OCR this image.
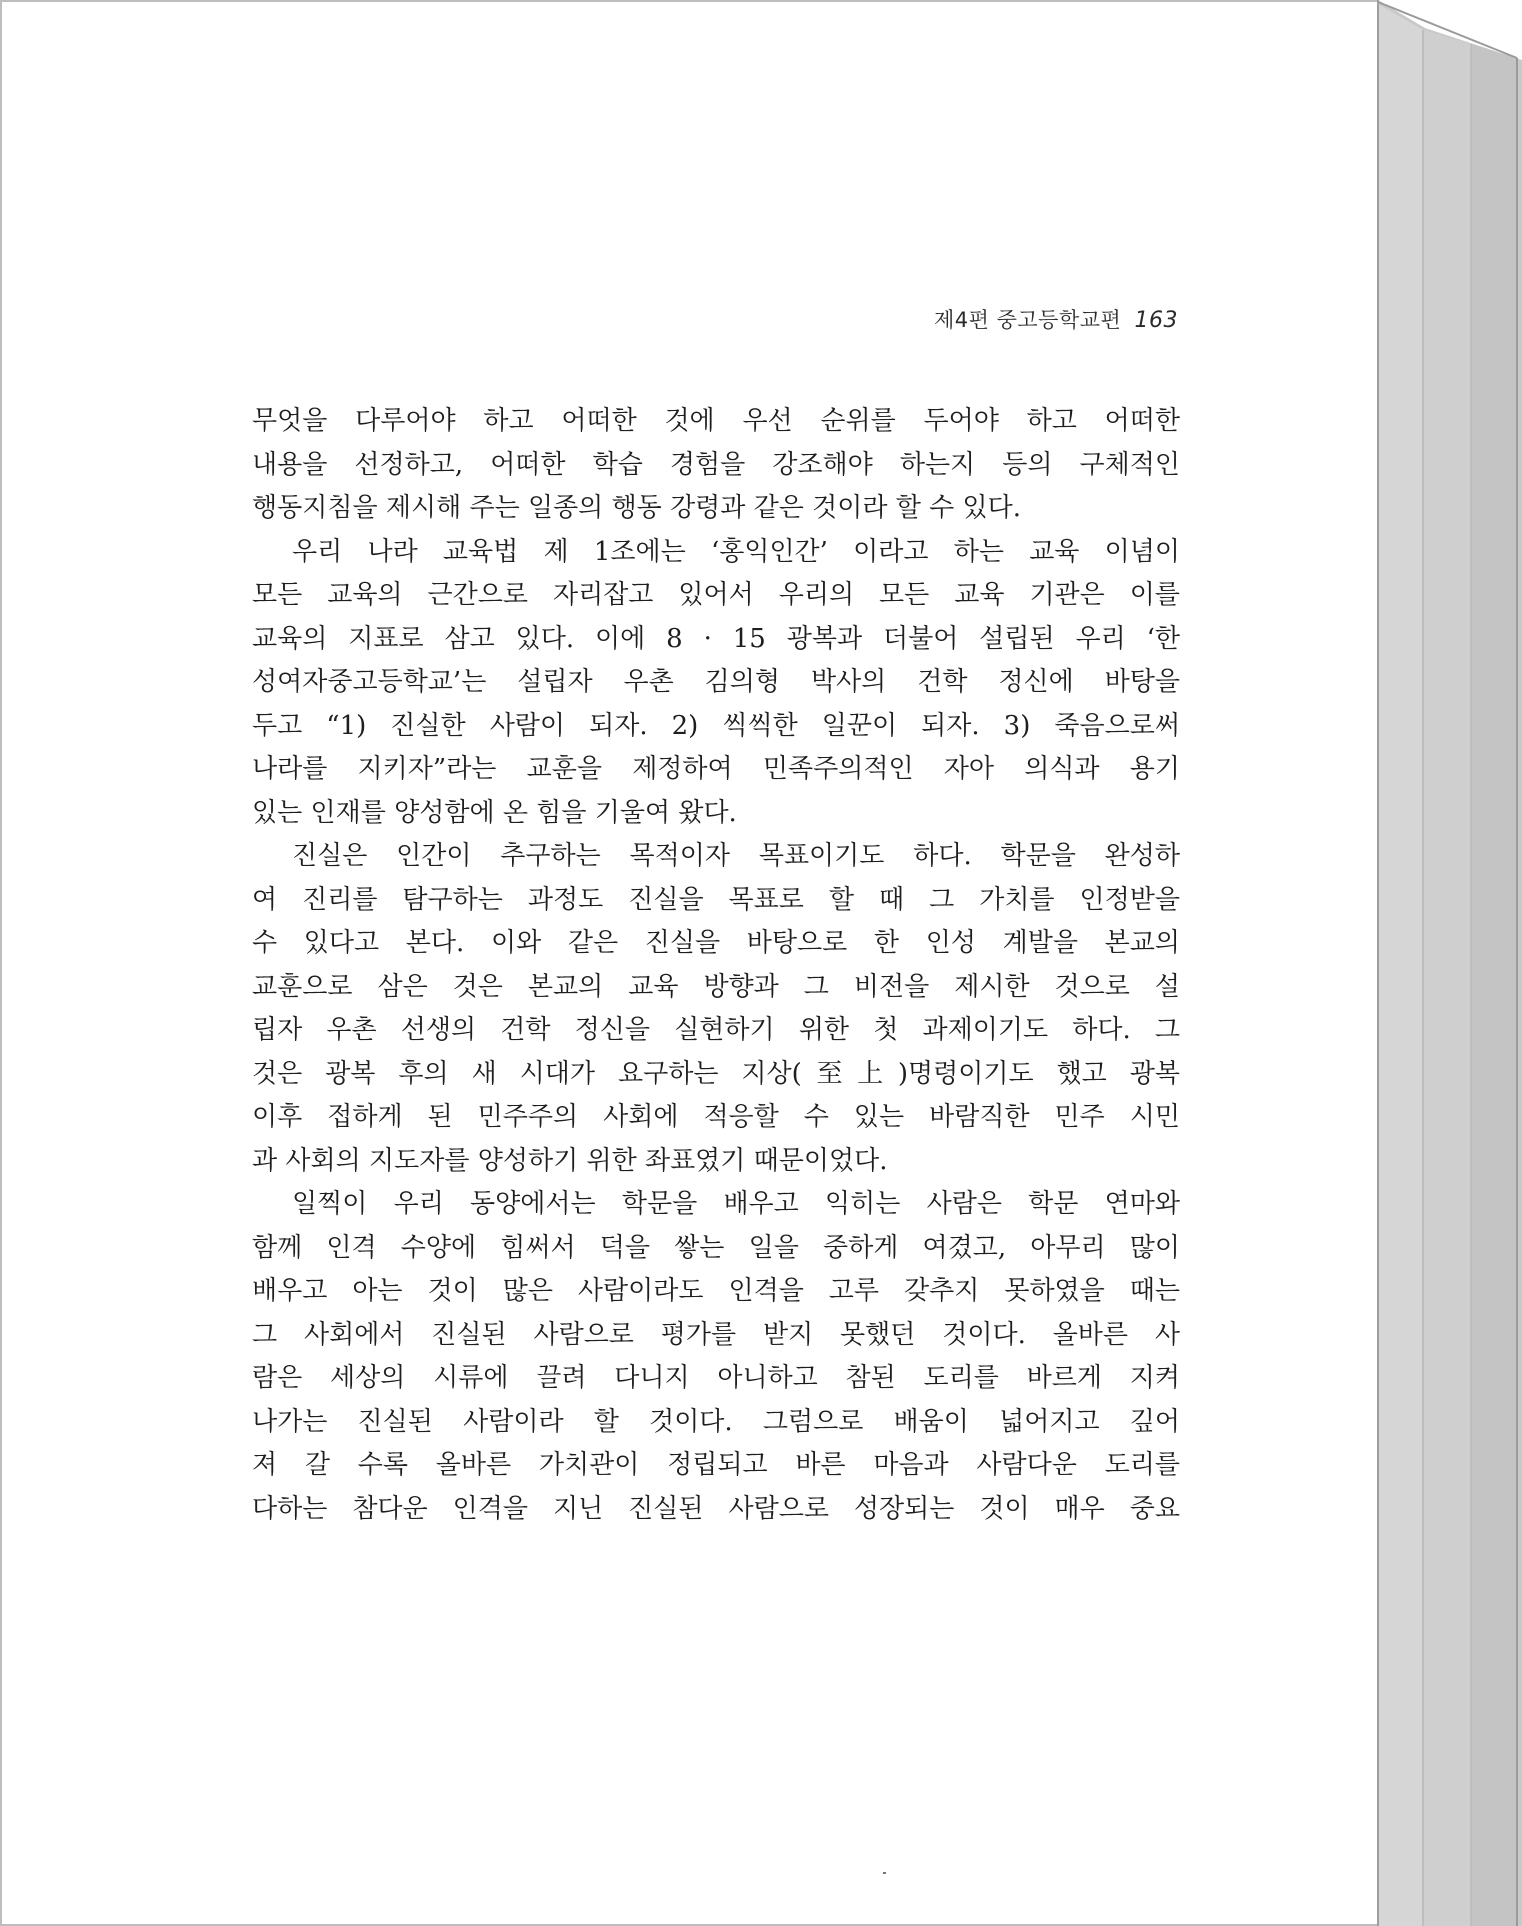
제4편 중고등학교편 163
무엇을 다루어야 하고 어떠한 것에 우선 순위를 두어야 하고 어떠한
내용을 선정하고, 어떠한 학습 경험을 강조해야 하는지 등의 구체적인
행동지침을 제시해 주는 일종의 행동 강령과 같은 것이라 할 수 있다.
우리 나라 교육법 제 1조에는 ‘홍익인간’ 이라고 하는 교육 이념이
모든 교육의 근간으로 자리잡고 있어서 우리의 모든 교육 기관은 이를
교육의 지표로 삼고 있다. 이에 8 · 15 광복과 더불어 설립된 우리 ‘한
성여자중고등학교’는 설립자 우촌 김의형 박사의 건학 정신에 바탕을
두고 “1) 진실한 사람이 되자. 2) 씩씩한 일꾼이 되자. 3) 죽음으로써
나라를 지키자”라는 교훈을 제정하여 민족주의적인 자아 의식과 용기
있는 인재를 양성함에 온 힘을 기울여 왔다.
진실은 인간이 추구하는 목적이자 목표이기도 하다. 학문을 완성하
여 진리를 탐구하는 과정도 진실을 목표로 할 때 그 가치를 인정받을
수 있다고 본다. 이와 같은 진실을 바탕으로 한 인성 계발을 본교의
교훈으로 삼은 것은 본교의 교육 방향과 그 비전을 제시한 것으로 설
립자 우촌 선생의 건학 정신을 실현하기 위한 첫 과제이기도 하다. 그
것은 광복 후의 새 시대가 요구하는 지상(至上)명령이기도 했고 광복
이후 접하게 된 민주주의 사회에 적응할 수 있는 바람직한 민주 시민
과 사회의 지도자를 양성하기 위한 좌표였기 때문이었다.
일찍이 우리 동양에서는 학문을 배우고 익히는 사람은 학문 연마와
함께 인격 수양에 힘써서 덕을 쌓는 일을 중하게 여겼고, 아무리 많이
배우고 아는 것이 많은 사람이라도 인격을 고루 갖추지 못하였을 때는
그 사회에서 진실된 사람으로 평가를 받지 못했던 것이다. 올바른 사
람은 세상의 시류에 끌려 다니지 아니하고 참된 도리를 바르게 지켜
나가는 진실된 사람이라 할 것이다. 그럼으로 배움이 넓어지고 깊어
져 갈 수록 올바른 가치관이 정립되고 바른 마음과 사람다운 도리를
다하는 참다운 인격을 지닌 진실된 사람으로 성장되는 것이 매우 중요
